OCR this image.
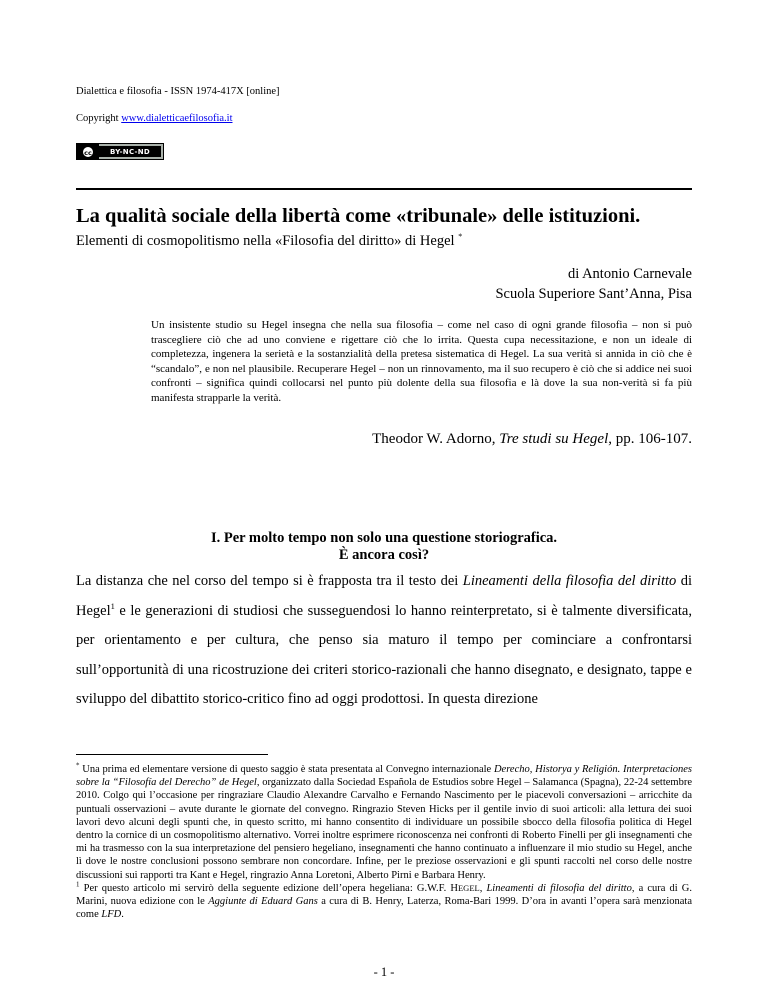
Dialettica e filosofia - ISSN 1974-417X [online]
Copyright www.dialetticaefilosofia.it
cc	BY-NC-ND
La qualità sociale della libertà come «tribunale» delle istituzioni.
Elementi di cosmopolitismo nella «Filosofia del diritto» di Hegel *
di Antonio Carnevale
Scuola Superiore Sant’Anna, Pisa
Un insistente studio su Hegel insegna che nella sua filosofia – come nel caso di ogni grande filosofia – non si può trascegliere ciò che ad uno conviene e rigettare ciò che lo irrita. Questa cupa necessitazione, e non un ideale di completezza, ingenera la serietà e la sostanzialità della pretesa sistematica di Hegel. La sua verità si annida in ciò che è “scandalo”, e non nel plausibile. Recuperare Hegel – non un rinnovamento, ma il suo recupero è ciò che si addice nei suoi confronti – significa quindi collocarsi nel punto più dolente della sua filosofia e là dove la sua non-verità si fa più manifesta strapparle la verità.
Theodor W. Adorno, Tre studi su Hegel, pp. 106-107.
I. Per molto tempo non solo una questione storiografica.
È ancora così?
La distanza che nel corso del tempo si è frapposta tra il testo dei Lineamenti della filosofia del diritto di Hegel$^1$ e le generazioni di studiosi che susseguendosi lo hanno reinterpretato, si è talmente diversificata, per orientamento e per cultura, che penso sia maturo il tempo per cominciare a confrontarsi sull’opportunità di una ricostruzione dei criteri storico-razionali che hanno disegnato, e designato, tappe e sviluppo del dibattito storico-critico fino ad oggi prodottosi. In questa direzione

* Una prima ed elementare versione di questo saggio è stata presentata al Convegno internazionale Derecho, Historya y Religión. Interpretaciones sobre la “Filosofía del Derecho” de Hegel, organizzato dalla Sociedad Española de Estudios sobre Hegel – Salamanca (Spagna), 22-24 settembre 2010. Colgo qui l’occasione per ringraziare Claudio Alexandre Carvalho e Fernando Nascimento per le piacevoli conversazioni – arricchite da puntuali osservazioni – avute durante le giornate del convegno. Ringrazio Steven Hicks per il gentile invio di suoi articoli: alla lettura dei suoi lavori devo alcuni degli spunti che, in questo scritto, mi hanno consentito di individuare un possibile sbocco della filosofia politica di Hegel dentro la cornice di un cosmopolitismo alternativo. Vorrei inoltre esprimere riconoscenza nei confronti di Roberto Finelli per gli insegnamenti che mi ha trasmesso con la sua interpretazione del pensiero hegeliano, insegnamenti che hanno continuato a influenzare il mio studio su Hegel, anche lì dove le nostre conclusioni possono sembrare non concordare. Infine, per le preziose osservazioni e gli spunti raccolti nel corso delle nostre discussioni sui rapporti tra Kant e Hegel, ringrazio Anna Loretoni, Alberto Pirni e Barbara Henry.

$^1$ Per questo articolo mi servirò della seguente edizione dell’opera hegeliana: G.W.F. HEGEL, Lineamenti di filosofia del diritto, a cura di G. Marini, nuova edizione con le Aggiunte di Eduard Gans a cura di B. Henry, Laterza, Roma-Bari 1999. D’ora in avanti l’opera sarà menzionata come LFD.

- 1 -
